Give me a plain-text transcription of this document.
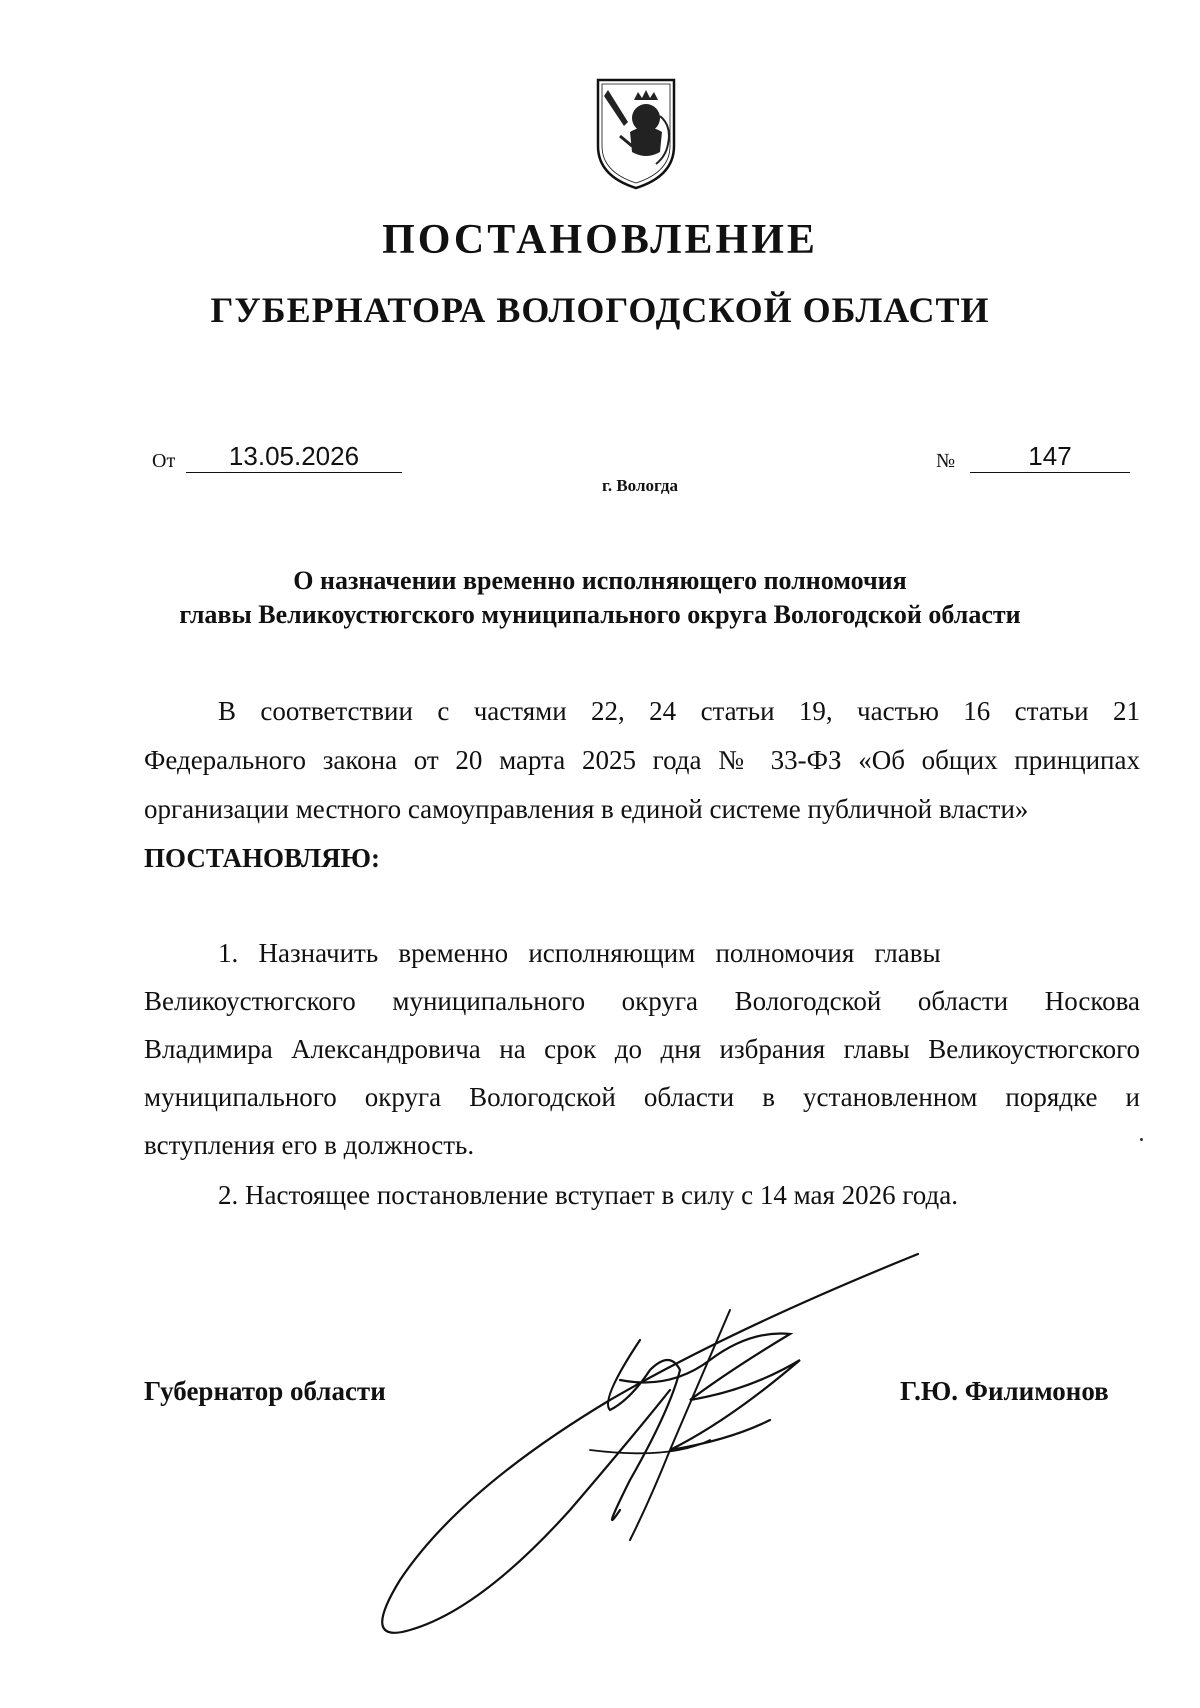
ПОСТАНОВЛЕНИЕ
ГУБЕРНАТОРА ВОЛОГОДСКОЙ ОБЛАСТИ
От	13.05.2026	№	147
г. Вологда
О назначении временно исполняющего полномочия
главы Великоустюгского муниципального округа Вологодской области
В соответствии с частями 22, 24 статьи 19, частью 16 статьи 21
Федерального закона от 20 марта 2025 года № 33-ФЗ «Об общих принципах
организации местного самоуправления в единой системе публичной власти»
ПОСТАНОВЛЯЮ:
1.   Назначить   временно   исполняющим   полномочия   главы
Великоустюгского муниципального округа Вологодской области Носкова
Владимира Александровича на срок до дня избрания главы Великоустюгского
муниципального округа Вологодской области в установленном порядке и
вступления его в должность.
2. Настоящее постановление вступает в силу с 14 мая 2026 года.
Губернатор области	Г.Ю. Филимонов
